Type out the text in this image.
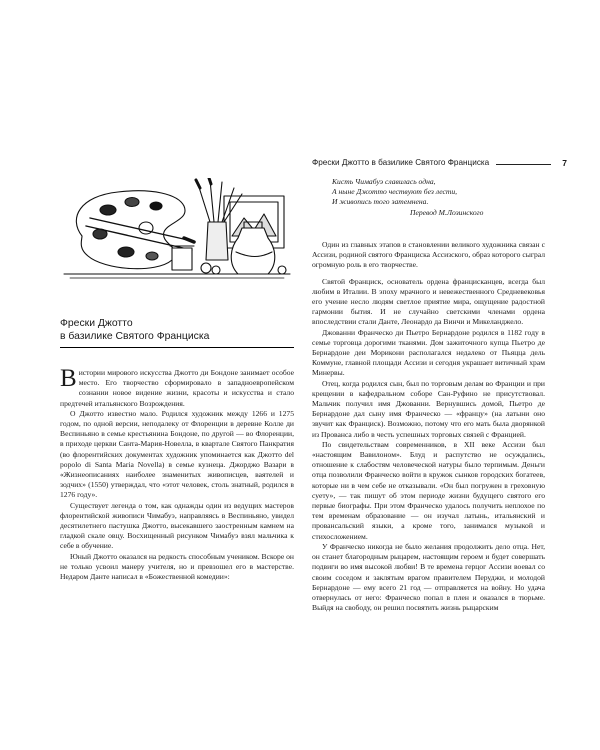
Фрески Джотто в базилике Святого Франциска	7
Кисть Чимабуэ славилась одна,
А ныне Джотто чествуют без лести,
И живопись того затемнена.
Перевод М.Лозинского
Фрески Джотто
в базилике Святого Франциска

Вистории мирового искусства Джотто ди Бондоне занимает особое место. Его творчество сформировало в западноевропейском сознании новое видение жизни, красоты и искусства и стало предтечей итальянского Возрождения.

О Джотто известно мало. Родился художник между 1266 и 1275 годом, по одной версии, неподалеку от Флоренции в деревне Колле ди Веспиньяно в семье крестьянина Бондоне, по другой — во Флоренции, в приходе церкви Санта-Мария-Новелла, в квартале Святого Панкратия (во флорентийских документах художник упоминается как Джотто del popolo di Santa Maria Novella) в семье кузнеца. Джорджо Вазари в «Жизнеописаниях наиболее знаменитых живописцев, ваятелей и зодчих» (1550) утверждал, что «этот человек, столь знатный, родился в 1276 году».

Существует легенда о том, как однажды один из ведущих мастеров флорентийской живописи Чимабуэ, направляясь в Веспиньяно, увидел десятилетнего пастушка Джотто, высекавшего заостренным камнем на гладкой скале овцу. Восхищенный рисунком Чимабуэ взял мальчика к себе в обучение.

Юный Джотто оказался на редкость способным учеником. Вскоре он не только усвоил манеру учителя, но и превзошел его в мастерстве. Недаром Данте написал в «Божественной комедии»:

Один из главных этапов в становлении великого художника связан с Ассизи, родиной святого Франциска Ассизского, образ которого сыграл огромную роль в его творчестве.

Святой Франциск, основатель ордена францисканцев, всегда был любим в Италии. В эпоху мрачного и невежественного Средневековья его учение несло людям светлое приятие мира, ощущение радостной гармонии бытия. И не случайно светскими членами ордена впоследствии стали Данте, Леонардо да Винчи и Микеланджело.

Джованни Франческо ди Пьетро Бернардоне родился в 1182 году в семье торговца дорогими тканями. Дом зажиточного купца Пьетро де Бернардоне деи Морикони располагался недалеко от Пьяцца дель Коммуне, главной площади Ассизи и сегодня украшает витичный храм Минервы.

Отец, когда родился сын, был по торговым делам во Франции и при крещении в кафедральном соборе Сан-Руфино не присутствовал. Мальчик получил имя Джованни. Вернувшись домой, Пьетро де Бернардоне дал сыну имя Франческо — «францу» (на латыни оно звучит как Франциск). Возможно, потому что его мать была дворянкой из Прованса либо в честь успешных торговых связей с Францией.

По свидетельствам современников, в XII веке Ассизи был «настоящим Вавилоном». Блуд и распутство не осуждались, отношение к слабостям человеческой натуры было терпимым. Деньги отца позволили Франческо войти в кружок сынков городских богатеев, которые ни в чем себе не отказывали. «Он был погружен в греховную суету», — так пишут об этом периоде жизни будущего святого его первые биографы. При этом Франческо удалось получить неплохое по тем временам образование — он изучал латынь, итальянский и провансальский языки, а кроме того, занимался музыкой и стихосложением.

У Франческо никогда не было желания продолжить дело отца. Нет, он станет благородным рыцарем, настоящим героем и будет совершать подвиги во имя высокой любви! В те времена герцог Ассизи воевал со своим соседом и заклятым врагом правителем Перуджи, и молодой Бернардоне — ему всего 21 год — отправляется на войну. Но удача отвернулась от него: Франческо попал в плен и оказался в тюрьме. Выйдя на свободу, он решил посвятить жизнь рыцарским
